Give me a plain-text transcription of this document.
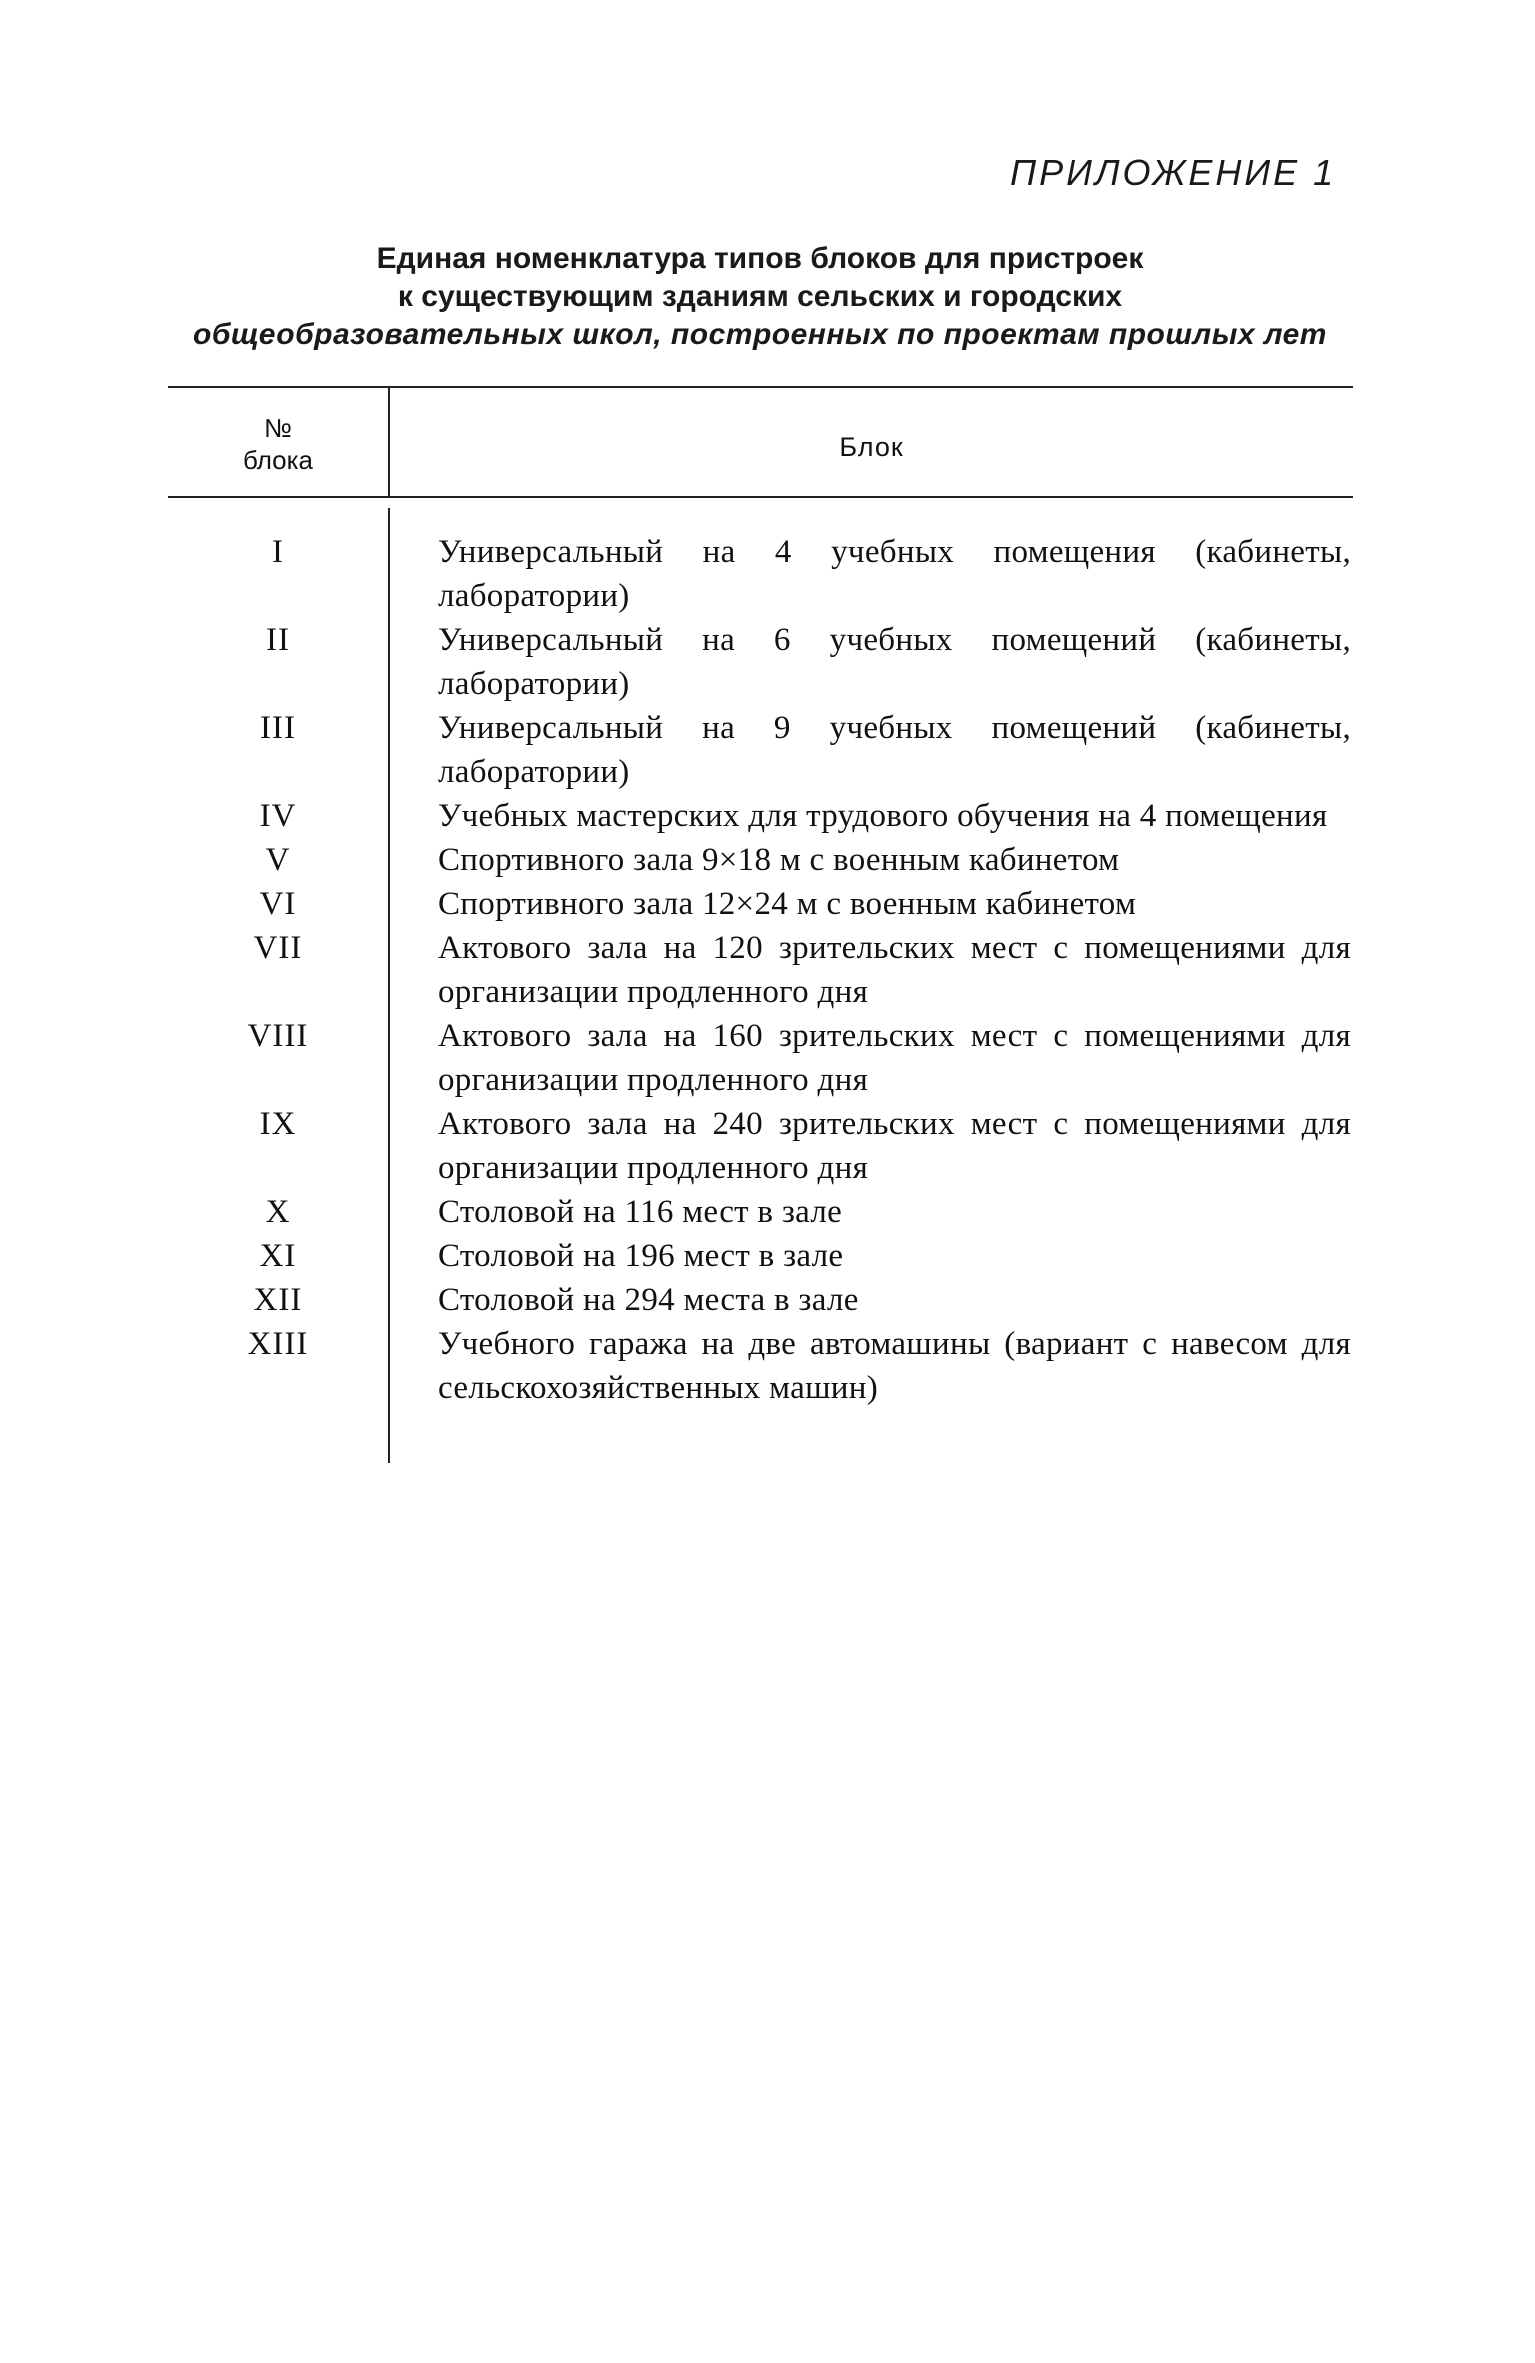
ПРИЛОЖЕНИЕ 1
Единая номенклатура типов блоков для пристроек
к существующим зданиям сельских и городских
общеобразовательных школ, построенных по проектам прошлых лет
№
блока	Блок
I	Универсальный на 4 учебных помещения (кабинеты, лаборатории)
II	Универсальный на 6 учебных помещений (кабинеты, лаборатории)
III	Универсальный на 9 учебных помещений (кабинеты, лаборатории)
IV	Учебных мастерских для трудового обучения на 4 помещения
V	Спортивного зала 9×18 м с военным кабинетом
VI	Спортивного зала 12×24 м с военным кабинетом
VII	Актового зала на 120 зрительских мест с помещениями для организации продленного дня
VIII	Актового зала на 160 зрительских мест с помещениями для организации продленного дня
IX	Актового зала на 240 зрительских мест с помещениями для организации продленного дня
X	Столовой на 116 мест в зале
XI	Столовой на 196 мест в зале
XII	Столовой на 294 места в зале
XIII	Учебного гаража на две автомашины (вариант с навесом для сельскохозяйственных машин)
